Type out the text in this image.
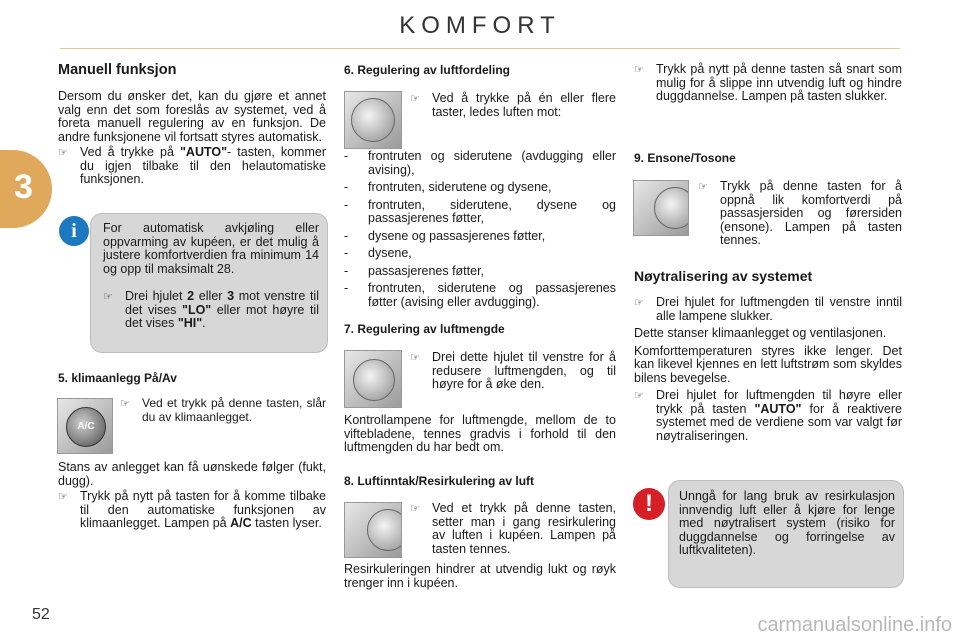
KOMFORT
3
Manuell funksjon
Dersom du ønsker det, kan du gjøre et annet valg enn det som foreslås av systemet, ved å foreta manuell regulering av en funksjon. De andre funksjonene vil fortsatt styres automatisk.
☞ Ved å trykke på "AUTO"- tasten, kommer du igjen tilbake til den helautomatiske funksjonen.
For automatisk avkjøling eller oppvarming av kupéen, er det mulig å justere komfortverdien fra minimum 14 og opp til maksimalt 28.
☞ Drei hjulet 2 eller 3 mot venstre til det vises "LO" eller mot høyre til det vises "HI".
i
5. klimaanlegg På/Av
A/C
☞	Ved et trykk på denne tasten, slår du av klimaanlegget.
Stans av anlegget kan få uønskede følger (fukt, dugg).
☞ Trykk på nytt på tasten for å komme tilbake til den automatiske funksjonen av klimaanlegget. Lampen på A/C tasten lyser.
6. Regulering av luftfordeling
☞ Ved å trykke på én eller flere taster, ledes luften mot:
-	frontruten og siderutene (avdugging eller avising),
-	frontruten, siderutene og dysene,
-	frontruten, siderutene, dysene og passasjerenes føtter,
-	dysene og passasjerenes føtter,
-	dysene,
-	passasjerenes føtter,
-	frontruten, siderutene og passasjerenes føtter (avising eller avdugging).
7. Regulering av luftmengde
☞ Drei dette hjulet til venstre for å redusere luftmengden, og til høyre for å øke den.
Kontrollampene for luftmengde, mellom de to viftebladene, tennes gradvis i forhold til den luftmengden du har bedt om.
8. Luftinntak/Resirkulering av luft
☞ Ved et trykk på denne tasten, setter man i gang resirkulering av luften i kupéen. Lampen på tasten tennes.
Resirkuleringen hindrer at utvendig lukt og røyk trenger inn i kupéen.
☞ Trykk på nytt på denne tasten så snart som mulig for å slippe inn utvendig luft og hindre duggdannelse. Lampen på tasten slukker.
9. Ensone/Tosone
☞ Trykk på denne tasten for å oppnå lik komfortverdi på passasjersiden og førersiden (ensone). Lampen på tasten tennes.
Nøytralisering av systemet
☞ Drei hjulet for luftmengden til venstre inntil alle lampene slukker.
Dette stanser klimaanlegget og ventilasjonen.
Komforttemperaturen styres ikke lenger. Det kan likevel kjennes en lett luftstrøm som skyldes bilens bevegelse.
☞ Drei hjulet for luftmengden til høyre eller trykk på tasten "AUTO" for å reaktivere systemet med de verdiene som var valgt før nøytraliseringen.
Unngå for lang bruk av resirkulasjon innvendig luft eller å kjøre for lenge med nøytralisert system (risiko for duggdannelse og forringelse av luftkvaliteten).
!
52	carmanualsonline.info
